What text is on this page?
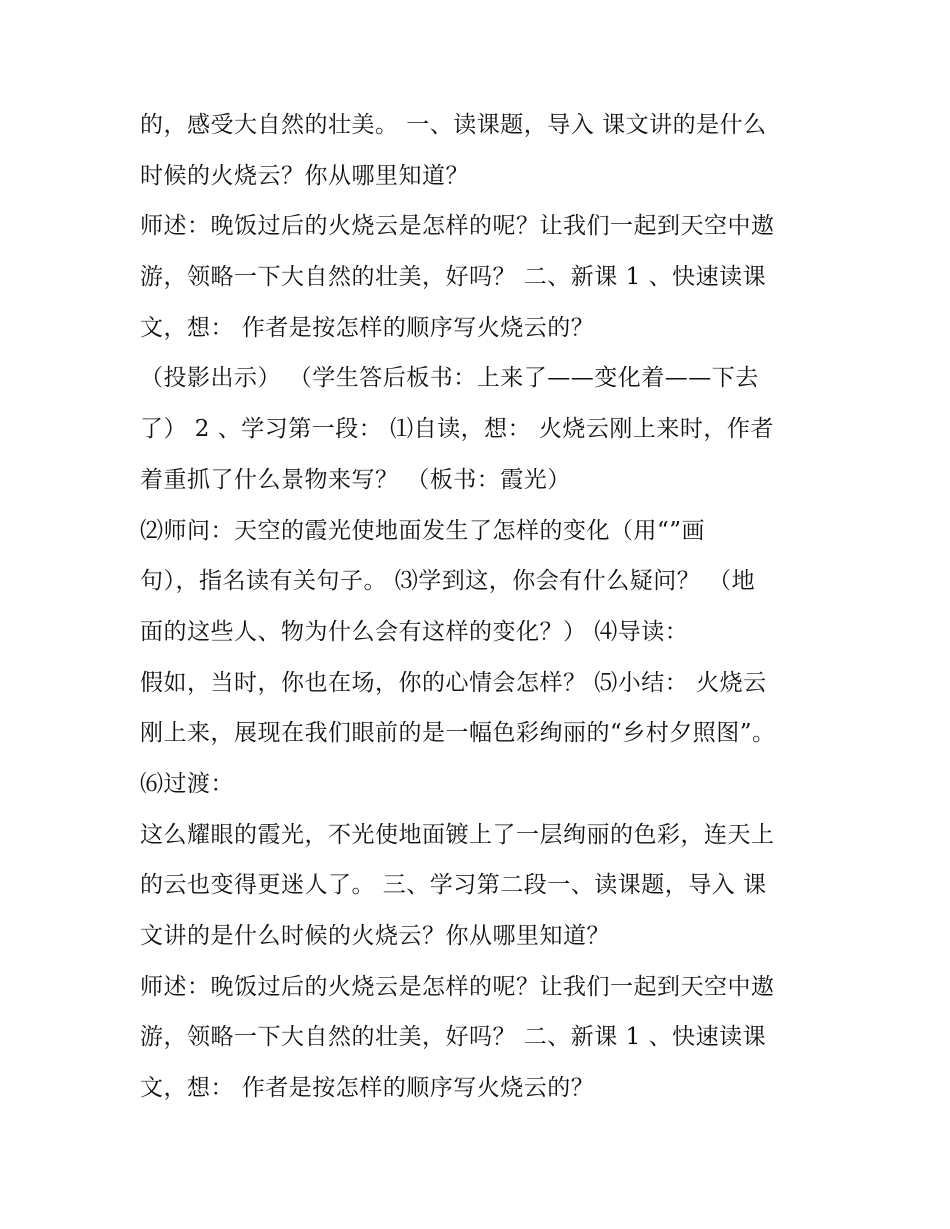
的，感受大自然的壮美。 一、读课题，导入 课文讲的是什么
时候的火烧云？你从哪里知道？
师述：晚饭过后的火烧云是怎样的呢？让我们一起到天空中遨
游，领略一下大自然的壮美，好吗？ 二、新课 1 、快速读课
文，想： 作者是按怎样的顺序写火烧云的？
（投影出示） （学生答后板书：上来了——变化着——下去
了） 2 、学习第一段： ⑴自读，想： 火烧云刚上来时，作者
着重抓了什么景物来写？ （板书：霞光）
⑵师问：天空的霞光使地面发生了怎样的变化（用“”画
句），指名读有关句子。 ⑶学到这，你会有什么疑问？ （地
面的这些人、物为什么会有这样的变化？） ⑷导读：
假如，当时，你也在场，你的心情会怎样？ ⑸小结： 火烧云
刚上来，展现在我们眼前的是一幅色彩绚丽的“乡村夕照图”。
⑹过渡：
这么耀眼的霞光，不光使地面镀上了一层绚丽的色彩，连天上
的云也变得更迷人了。 三、学习第二段一、读课题，导入 课
文讲的是什么时候的火烧云？你从哪里知道？
师述：晚饭过后的火烧云是怎样的呢？让我们一起到天空中遨
游，领略一下大自然的壮美，好吗？ 二、新课 1 、快速读课
文，想： 作者是按怎样的顺序写火烧云的？
